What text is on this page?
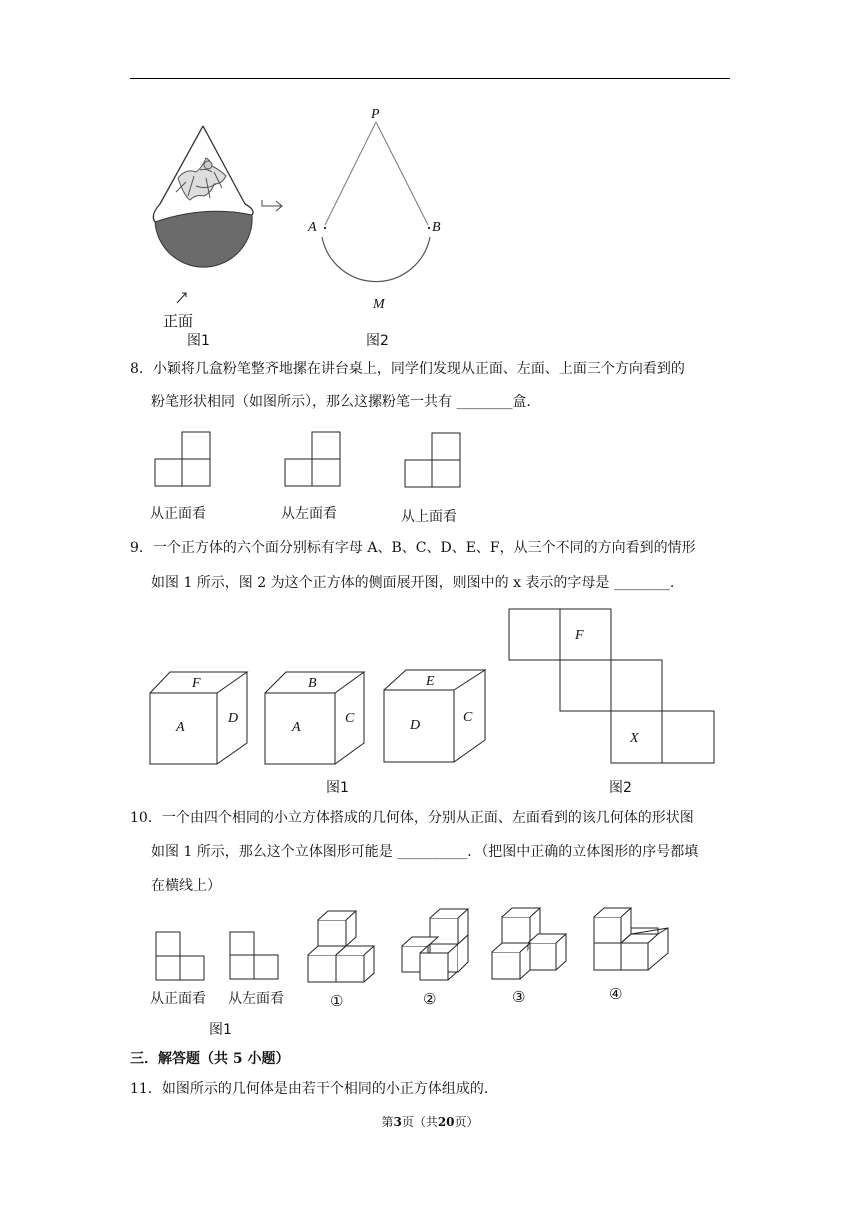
P
A	B
M
正面
图1	图2
8．小颖将几盒粉笔整齐地摞在讲台桌上，同学们发现从正面、左面、上面三个方向看到的
粉笔形状相同（如图所示），那么这摞粉笔一共有 ________盒．
从正面看	从左面看	从上面看
9．一个正方体的六个面分别标有字母 A、B、C、D、E、F，从三个不同的方向看到的情形
如图 1 所示，图 2 为这个正方体的侧面展开图，则图中的 x 表示的字母是 ________.
F
A
D
B
A
C
E
D
C
F
X
图1	图2
10．一个由四个相同的小立方体搭成的几何体，分别从正面、左面看到的该几何体的形状图
如图 1 所示，那么这个立体图形可能是 __________．（把图中正确的立体图形的序号都填
在横线上）
从正面看 从左面看
图1
①	②	③	④
三．解答题（共 5 小题）
11．如图所示的几何体是由若干个相同的小正方体组成的.
第3页（共20页）
